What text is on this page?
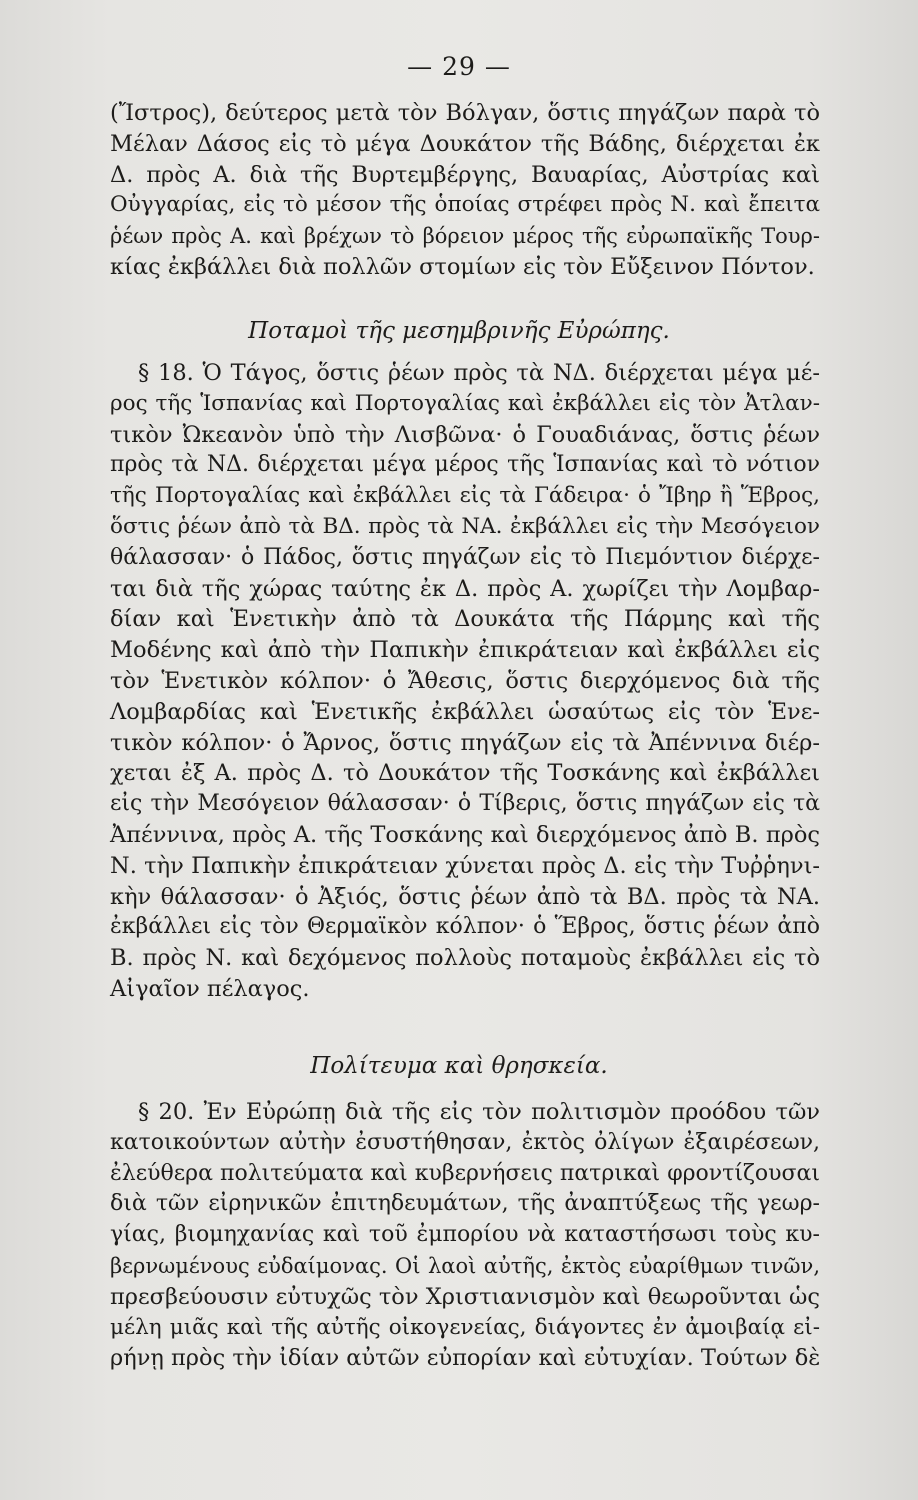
— 29 —
(Ἴστρος), δεύτερος μετὰ τὸν Βόλγαν, ὅστις πηγάζων παρὰ τὸ
Μέλαν Δάσος εἰς τὸ μέγα Δουκάτον τῆς Βάδης, διέρχεται ἐκ
Δ. πρὸς Α. διὰ τῆς Βυρτεμβέργης, Βαυαρίας, Αὐστρίας καὶ
Οὐγγαρίας, εἰς τὸ μέσον τῆς ὁποίας στρέφει πρὸς Ν. καὶ ἔπειτα
ῥέων πρὸς Α. καὶ βρέχων τὸ βόρειον μέρος τῆς εὐρωπαϊκῆς Τουρ-
κίας ἐκβάλλει διὰ πολλῶν στομίων εἰς τὸν Εὔξεινον Πόντον.
Ποταμοὶ τῆς μεσημβρινῆς Εὐρώπης.
§ 18. Ὁ Τάγος, ὅστις ῥέων πρὸς τὰ ΝΔ. διέρχεται μέγα μέ-
ρος τῆς Ἱσπανίας καὶ Πορτογαλίας καὶ ἐκβάλλει εἰς τὸν Ἀτλαν-
τικὸν Ὠκεανὸν ὑπὸ τὴν Λισβῶνα· ὁ Γουαδιάνας, ὅστις ῥέων
πρὸς τὰ ΝΔ. διέρχεται μέγα μέρος τῆς Ἱσπανίας καὶ τὸ νότιον
τῆς Πορτογαλίας καὶ ἐκβάλλει εἰς τὰ Γάδειρα· ὁ Ἴβηρ ἢ Ἕβρος,
ὅστις ῥέων ἀπὸ τὰ ΒΔ. πρὸς τὰ ΝΑ. ἐκβάλλει εἰς τὴν Μεσόγειον
θάλασσαν· ὁ Πάδος, ὅστις πηγάζων εἰς τὸ Πιεμόντιον διέρχε-
ται διὰ τῆς χώρας ταύτης ἐκ Δ. πρὸς Α. χωρίζει τὴν Λομβαρ-
δίαν καὶ Ἑνετικὴν ἀπὸ τὰ Δουκάτα τῆς Πάρμης καὶ τῆς
Μοδένης καὶ ἀπὸ τὴν Παπικὴν ἐπικράτειαν καὶ ἐκβάλλει εἰς
τὸν Ἑνετικὸν κόλπον· ὁ Ἄθεσις, ὅστις διερχόμενος διὰ τῆς
Λομβαρδίας καὶ Ἑνετικῆς ἐκβάλλει ὡσαύτως εἰς τὸν Ἑνε-
τικὸν κόλπον· ὁ Ἄρνος, ὅστις πηγάζων εἰς τὰ Ἀπέννινα διέρ-
χεται ἐξ Α. πρὸς Δ. τὸ Δουκάτον τῆς Τοσκάνης καὶ ἐκβάλλει
εἰς τὴν Μεσόγειον θάλασσαν· ὁ Τίβερις, ὅστις πηγάζων εἰς τὰ
Ἀπέννινα, πρὸς Α. τῆς Τοσκάνης καὶ διερχόμενος ἀπὸ Β. πρὸς
Ν. τὴν Παπικὴν ἐπικράτειαν χύνεται πρὸς Δ. εἰς τὴν Τυῤῥηνι-
κὴν θάλασσαν· ὁ Ἀξιός, ὅστις ῥέων ἀπὸ τὰ ΒΔ. πρὸς τὰ ΝΑ.
ἐκβάλλει εἰς τὸν Θερμαϊκὸν κόλπον· ὁ Ἕβρος, ὅστις ῥέων ἀπὸ
Β. πρὸς Ν. καὶ δεχόμενος πολλοὺς ποταμοὺς ἐκβάλλει εἰς τὸ
Αἰγαῖον πέλαγος.
Πολίτευμα καὶ θρησκεία.
§ 20. Ἐν Εὐρώπῃ διὰ τῆς εἰς τὸν πολιτισμὸν προόδου τῶν
κατοικούντων αὐτὴν ἐσυστήθησαν, ἐκτὸς ὀλίγων ἐξαιρέσεων,
ἐλεύθερα πολιτεύματα καὶ κυβερνήσεις πατρικαὶ φροντίζουσαι
διὰ τῶν εἰρηνικῶν ἐπιτηδευμάτων, τῆς ἀναπτύξεως τῆς γεωρ-
γίας, βιομηχανίας καὶ τοῦ ἐμπορίου νὰ καταστήσωσι τοὺς κυ-
βερνωμένους εὐδαίμονας. Οἱ λαοὶ αὐτῆς, ἐκτὸς εὐαρίθμων τινῶν,
πρεσβεύουσιν εὐτυχῶς τὸν Χριστιανισμὸν καὶ θεωροῦνται ὡς
μέλη μιᾶς καὶ τῆς αὐτῆς οἰκογενείας, διάγοντες ἐν ἀμοιβαίᾳ εἰ-
ρήνῃ πρὸς τὴν ἰδίαν αὐτῶν εὐπορίαν καὶ εὐτυχίαν. Τούτων δὲ
